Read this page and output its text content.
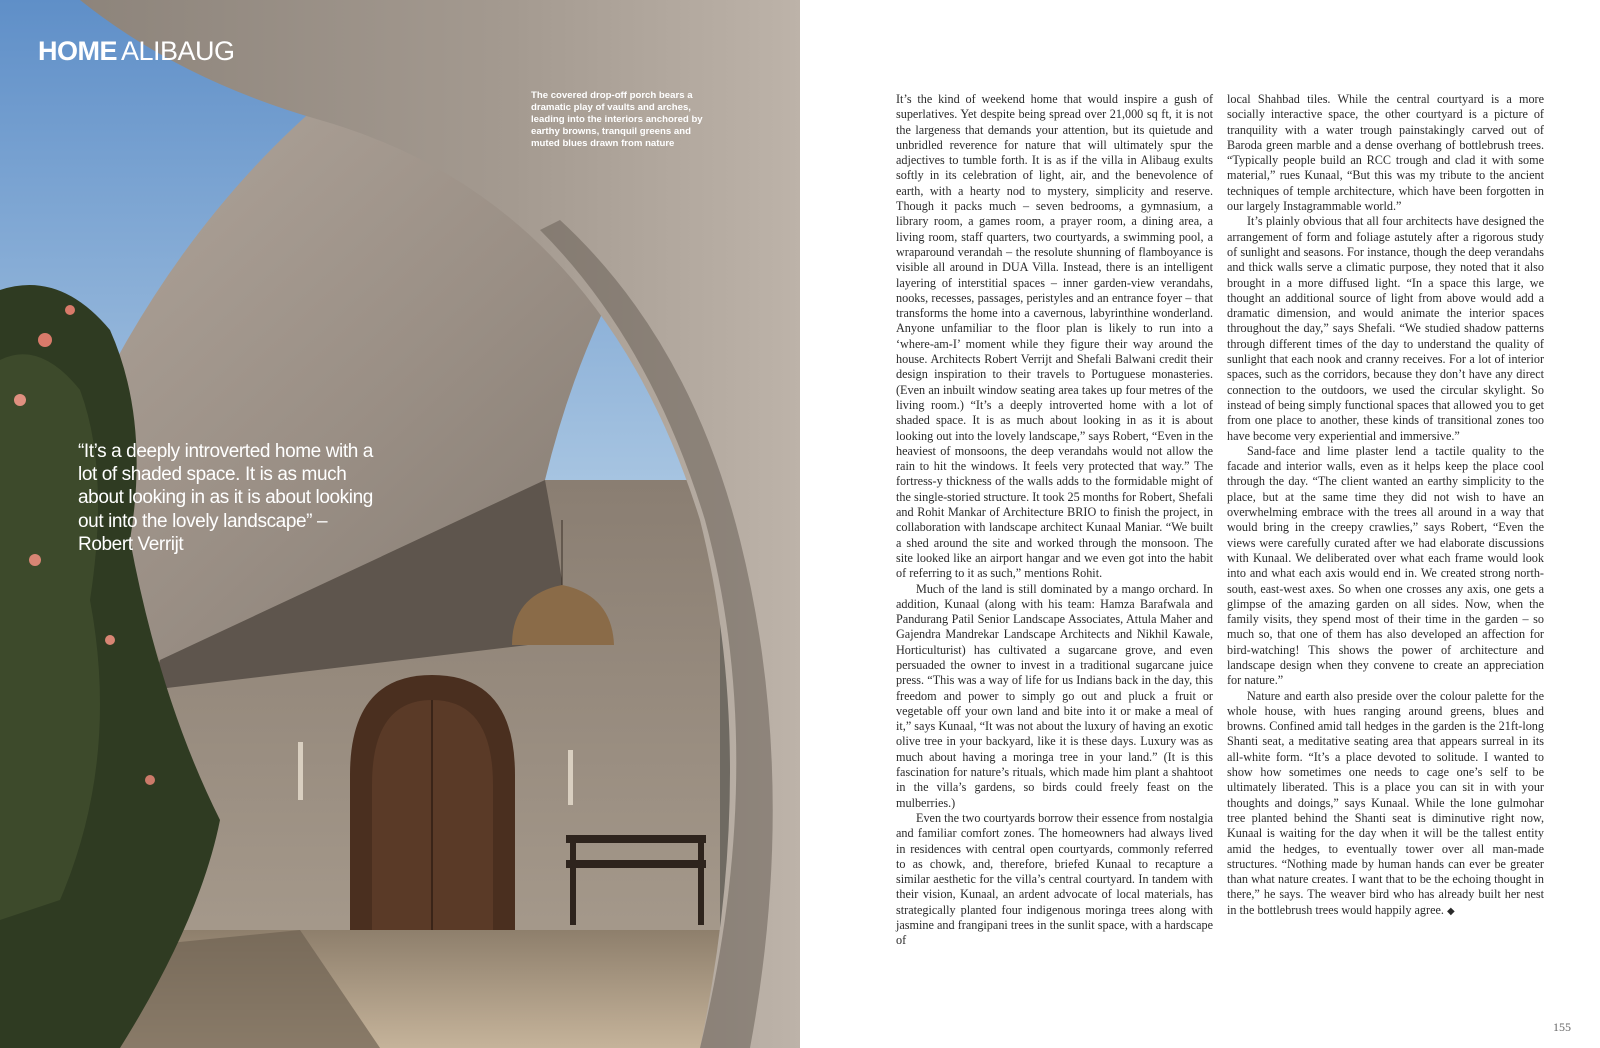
HOME ALIBAUG
The covered drop-off porch bears a dramatic play of vaults and arches, leading into the interiors anchored by earthy browns, tranquil greens and muted blues drawn from nature
“It’s a deeply introverted home with a lot of shaded space. It is as much about looking in as it is about looking out into the lovely landscape” – Robert Verrijt

It’s the kind of weekend home that would inspire a gush of superlatives. Yet despite being spread over 21,000 sq ft, it is not the largeness that demands your attention, but its quietude and unbridled reverence for nature that will ultimately spur the adjectives to tumble forth. It is as if the villa in Alibaug exults softly in its celebration of light, air, and the benevolence of earth, with a hearty nod to mystery, simplicity and reserve. Though it packs much – seven bedrooms, a gymnasium, a library room, a games room, a prayer room, a dining area, a living room, staff quarters, two courtyards, a swimming pool, a wraparound verandah – the resolute shunning of flamboyance is visible all around in DUA Villa. Instead, there is an intelligent layering of interstitial spaces – inner garden-view verandahs, nooks, recesses, passages, peristyles and an entrance foyer – that transforms the home into a cavernous, labyrinthine wonderland. Anyone unfamiliar to the floor plan is likely to run into a ‘where-am-I’ moment while they figure their way around the house. Architects Robert Verrijt and Shefali Balwani credit their design inspiration to their travels to Portuguese monasteries. (Even an inbuilt window seating area takes up four metres of the living room.) “It’s a deeply introverted home with a lot of shaded space. It is as much about looking in as it is about looking out into the lovely landscape,” says Robert, “Even in the heaviest of monsoons, the deep verandahs would not allow the rain to hit the windows. It feels very protected that way.” The fortress-y thickness of the walls adds to the formidable might of the single-storied structure. It took 25 months for Robert, Shefali and Rohit Mankar of Architecture BRIO to finish the project, in collaboration with landscape architect Kunaal Maniar. “We built a shed around the site and worked through the monsoon. The site looked like an airport hangar and we even got into the habit of referring to it as such,” mentions Rohit.

Much of the land is still dominated by a mango orchard. In addition, Kunaal (along with his team: Hamza Barafwala and Pandurang Patil Senior Landscape Associates, Attula Maher and Gajendra Mandrekar Landscape Architects and Nikhil Kawale, Horticulturist) has cultivated a sugarcane grove, and even persuaded the owner to invest in a traditional sugarcane juice press. “This was a way of life for us Indians back in the day, this freedom and power to simply go out and pluck a fruit or vegetable off your own land and bite into it or make a meal of it,” says Kunaal, “It was not about the luxury of having an exotic olive tree in your backyard, like it is these days. Luxury was as much about having a moringa tree in your land.” (It is this fascination for nature’s rituals, which made him plant a shahtoot in the villa’s gardens, so birds could freely feast on the mulberries.)

Even the two courtyards borrow their essence from nostalgia and familiar comfort zones. The homeowners had always lived in residences with central open courtyards, commonly referred to as chowk, and, therefore, briefed Kunaal to recapture a similar aesthetic for the villa’s central courtyard. In tandem with their vision, Kunaal, an ardent advocate of local materials, has strategically planted four indigenous moringa trees along with jasmine and frangipani trees in the sunlit space, with a hardscape of

local Shahbad tiles. While the central courtyard is a more socially interactive space, the other courtyard is a picture of tranquility with a water trough painstakingly carved out of Baroda green marble and a dense overhang of bottlebrush trees. “Typically people build an RCC trough and clad it with some material,” rues Kunaal, “But this was my tribute to the ancient techniques of temple architecture, which have been forgotten in our largely Instagrammable world.”

It’s plainly obvious that all four architects have designed the arrangement of form and foliage astutely after a rigorous study of sunlight and seasons. For instance, though the deep verandahs and thick walls serve a climatic purpose, they noted that it also brought in a more diffused light. “In a space this large, we thought an additional source of light from above would add a dramatic dimension, and would animate the interior spaces throughout the day,” says Shefali. “We studied shadow patterns through different times of the day to understand the quality of sunlight that each nook and cranny receives. For a lot of interior spaces, such as the corridors, because they don’t have any direct connection to the outdoors, we used the circular skylight. So instead of being simply functional spaces that allowed you to get from one place to another, these kinds of transitional zones too have become very experiential and immersive.”

Sand-face and lime plaster lend a tactile quality to the facade and interior walls, even as it helps keep the place cool through the day. “The client wanted an earthy simplicity to the place, but at the same time they did not wish to have an overwhelming embrace with the trees all around in a way that would bring in the creepy crawlies,” says Robert, “Even the views were carefully curated after we had elaborate discussions with Kunaal. We deliberated over what each frame would look into and what each axis would end in. We created strong north-south, east-west axes. So when one crosses any axis, one gets a glimpse of the amazing garden on all sides. Now, when the family visits, they spend most of their time in the garden – so much so, that one of them has also developed an affection for bird-watching! This shows the power of architecture and landscape design when they convene to create an appreciation for nature.”

Nature and earth also preside over the colour palette for the whole house, with hues ranging around greens, blues and browns. Confined amid tall hedges in the garden is the 21ft-long Shanti seat, a meditative seating area that appears surreal in its all-white form. “It’s a place devoted to solitude. I wanted to show how sometimes one needs to cage one’s self to be ultimately liberated. This is a place you can sit in with your thoughts and doings,” says Kunaal. While the lone gulmohar tree planted behind the Shanti seat is diminutive right now, Kunaal is waiting for the day when it will be the tallest entity amid the hedges, to eventually tower over all man-made structures. “Nothing made by human hands can ever be greater than what nature creates. I want that to be the echoing thought in there,” he says. The weaver bird who has already built her nest in the bottlebrush trees would happily agree. ◆

155
